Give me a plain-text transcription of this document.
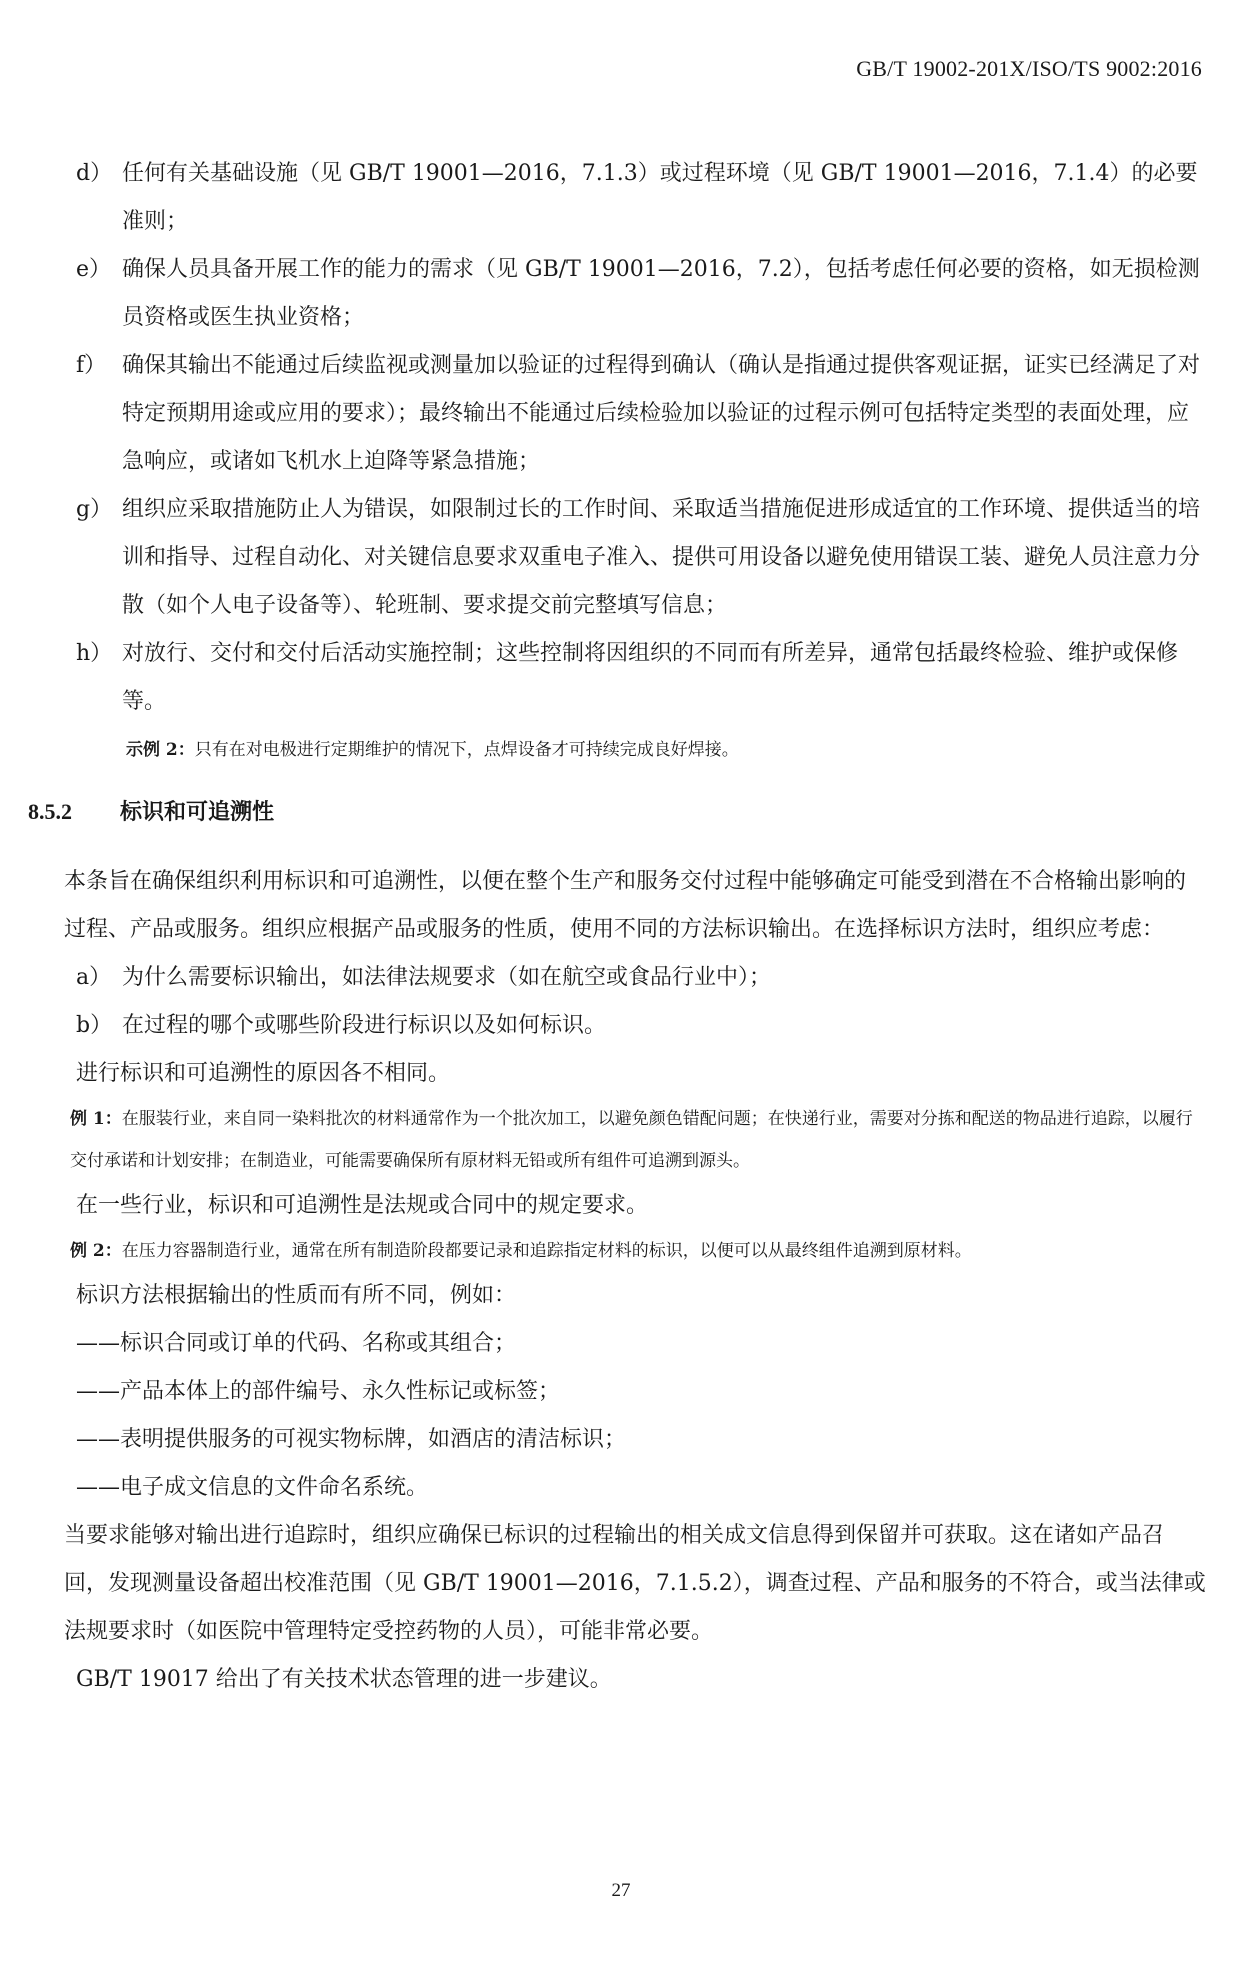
GB/T 19002-201X/ISO/TS 9002:2016
d） 任何有关基础设施（见 GB/T 19001—2016，7.1.3）或过程环境（见 GB/T 19001—2016，7.1.4）的必要准则；
e） 确保人员具备开展工作的能力的需求（见 GB/T 19001—2016，7.2），包括考虑任何必要的资格，如无损检测员资格或医生执业资格；
f） 确保其输出不能通过后续监视或测量加以验证的过程得到确认（确认是指通过提供客观证据，证实已经满足了对特定预期用途或应用的要求）；最终输出不能通过后续检验加以验证的过程示例可包括特定类型的表面处理，应急响应，或诸如飞机水上迫降等紧急措施；
g） 组织应采取措施防止人为错误，如限制过长的工作时间、采取适当措施促进形成适宜的工作环境、提供适当的培训和指导、过程自动化、对关键信息要求双重电子准入、提供可用设备以避免使用错误工装、避免人员注意力分散（如个人电子设备等）、轮班制、要求提交前完整填写信息；
h） 对放行、交付和交付后活动实施控制；这些控制将因组织的不同而有所差异，通常包括最终检验、维护或保修等。
示例 2：只有在对电极进行定期维护的情况下，点焊设备才可持续完成良好焊接。
8.5.2	标识和可追溯性
本条旨在确保组织利用标识和可追溯性，以便在整个生产和服务交付过程中能够确定可能受到潜在不合格输出影响的过程、产品或服务。组织应根据产品或服务的性质，使用不同的方法标识输出。在选择标识方法时，组织应考虑：
a） 为什么需要标识输出，如法律法规要求（如在航空或食品行业中）；
b） 在过程的哪个或哪些阶段进行标识以及如何标识。
进行标识和可追溯性的原因各不相同。
例 1：在服装行业，来自同一染料批次的材料通常作为一个批次加工，以避免颜色错配问题；在快递行业，需要对分拣和配送的物品进行追踪，以履行交付承诺和计划安排；在制造业，可能需要确保所有原材料无铅或所有组件可追溯到源头。
在一些行业，标识和可追溯性是法规或合同中的规定要求。
例 2：在压力容器制造行业，通常在所有制造阶段都要记录和追踪指定材料的标识，以便可以从最终组件追溯到原材料。
标识方法根据输出的性质而有所不同，例如：
——标识合同或订单的代码、名称或其组合；
——产品本体上的部件编号、永久性标记或标签；
——表明提供服务的可视实物标牌，如酒店的清洁标识；
——电子成文信息的文件命名系统。
当要求能够对输出进行追踪时，组织应确保已标识的过程输出的相关成文信息得到保留并可获取。这在诸如产品召回，发现测量设备超出校准范围（见 GB/T 19001—2016，7.1.5.2），调查过程、产品和服务的不符合，或当法律或法规要求时（如医院中管理特定受控药物的人员），可能非常必要。
GB/T 19017 给出了有关技术状态管理的进一步建议。
27
